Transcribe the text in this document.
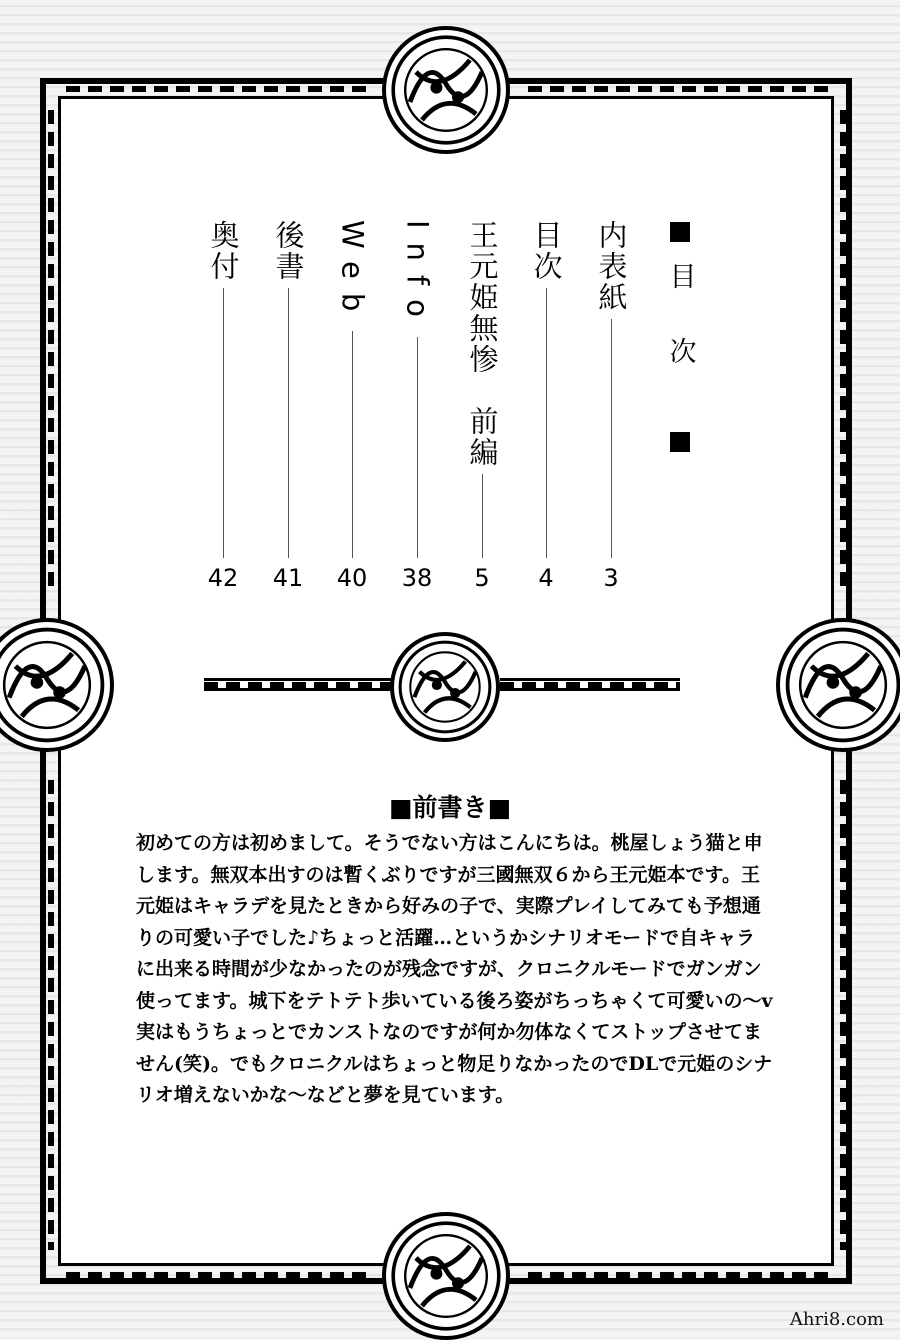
目次
内表紙
3
目次
4
王元姫無惨　前編
5
Info
38
Web
40
後書
41
奥付
42
■前書き■

初めての方は初めまして。そうでない方はこんにちは。桃屋しょう猫と申

します。無双本出すのは暫くぶりですが三國無双６から王元姫本です。王

元姫はキャラデを見たときから好みの子で、実際プレイしてみても予想通

りの可愛い子でした♪ちょっと活躍…というかシナリオモードで自キャラ

に出来る時間が少なかったのが残念ですが、クロニクルモードでガンガン

使ってます。城下をテトテト歩いている後ろ姿がちっちゃくて可愛いの～v

実はもうちょっとでカンストなのですが何か勿体なくてストップさせてま

せん(笑)。でもクロニクルはちょっと物足りなかったのでDLで元姫のシナ

リオ増えないかな～などと夢を見ています。

Ahri8.com
